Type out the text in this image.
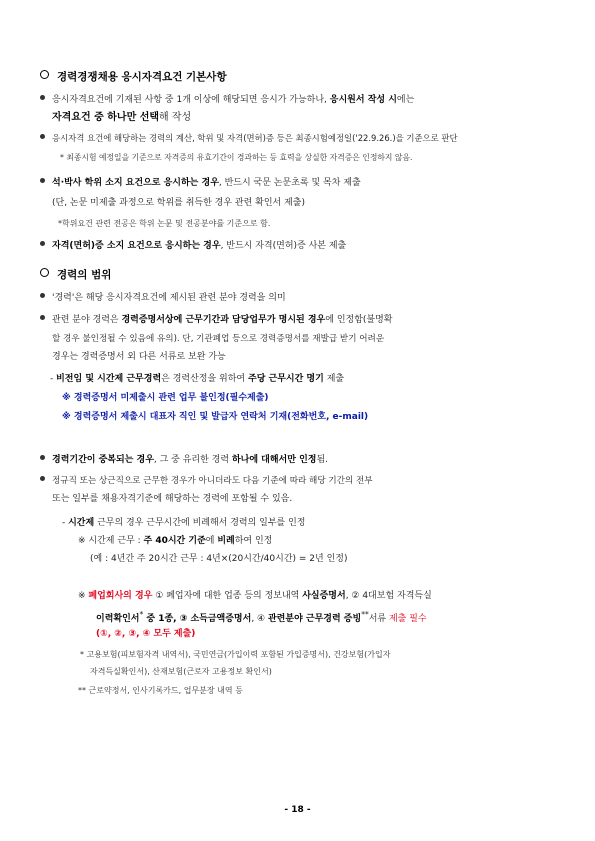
경력경쟁채용 응시자격요건 기본사항
응시자격요건에 기재된 사항 중 1개 이상에 해당되면 응시가 가능하나, 응시원서 작성 시에는
자격요건 중 하나만 선택해 작성
응시자격 요건에 해당하는 경력의 계산, 학위 및 자격(면허)증 등은 최종시험예정일('22.9.26.)을 기준으로 판단
* 최종시험 예정일을 기준으로 자격증의 유효기간이 경과하는 등 효력을 상실한 자격증은 인정하지 않음.
석·박사 학위 소지 요건으로 응시하는 경우, 반드시 국문 논문초록 및 목차 제출
(단, 논문 미제출 과정으로 학위를 취득한 경우 관련 확인서 제출)
*학위요건 관련 전공은 학위 논문 및 전공분야를 기준으로 함.
자격(면허)증 소지 요건으로 응시하는 경우, 반드시 자격(면허)증 사본 제출
경력의 범위
'경력'은 해당 응시자격요건에 제시된 관련 분야 경력을 의미
관련 분야 경력은 경력증명서상에 근무기간과 담당업무가 명시된 경우에 인정함(불명확
할 경우 불인정될 수 있음에 유의). 단, 기관폐업 등으로 경력증명서를 재발급 받기 어려운
경우는 경력증명서 외 다른 서류로 보완 가능
- 비전임 및 시간제 근무경력은 경력산정을 위하여 주당 근무시간 명기 제출
※ 경력증명서 미제출시 관련 업무 불인정(필수제출)
※ 경력증명서 제출시 대표자 직인 및 발급자 연락처 기재(전화번호, e-mail)
경력기간이 중복되는 경우, 그 중 유리한 경력 하나에 대해서만 인정됨.
정규직 또는 상근직으로 근무한 경우가 아니더라도 다음 기준에 따라 해당 기간의 전부
또는 일부를 채용자격기준에 해당하는 경력에 포함될 수 있음.
- 시간제 근무의 경우 근무시간에 비례해서 경력의 일부를 인정
※ 시간제 근무 : 주 40시간 기준에 비례하여 인정
(예 : 4년간 주 20시간 근무 : 4년×(20시간/40시간) = 2년 인정)
※ 폐업회사의 경우 ① 폐업자에 대한 업종 등의 정보내역 사실증명서, ② 4대보험 자격득실
이력확인서* 중 1종, ③ 소득금액증명서, ④ 관련분야 근무경력 증빙**서류 제출 필수
(①, ②, ③, ④ 모두 제출)
* 고용보험(피보험자격 내역서), 국민연금(가입이력 포함된 가입증명서), 건강보험(가입자
자격득실확인서), 산재보험(근로자 고용정보 확인서)
** 근로약정서, 인사기록카드, 업무분장 내역 등
- 18 -
